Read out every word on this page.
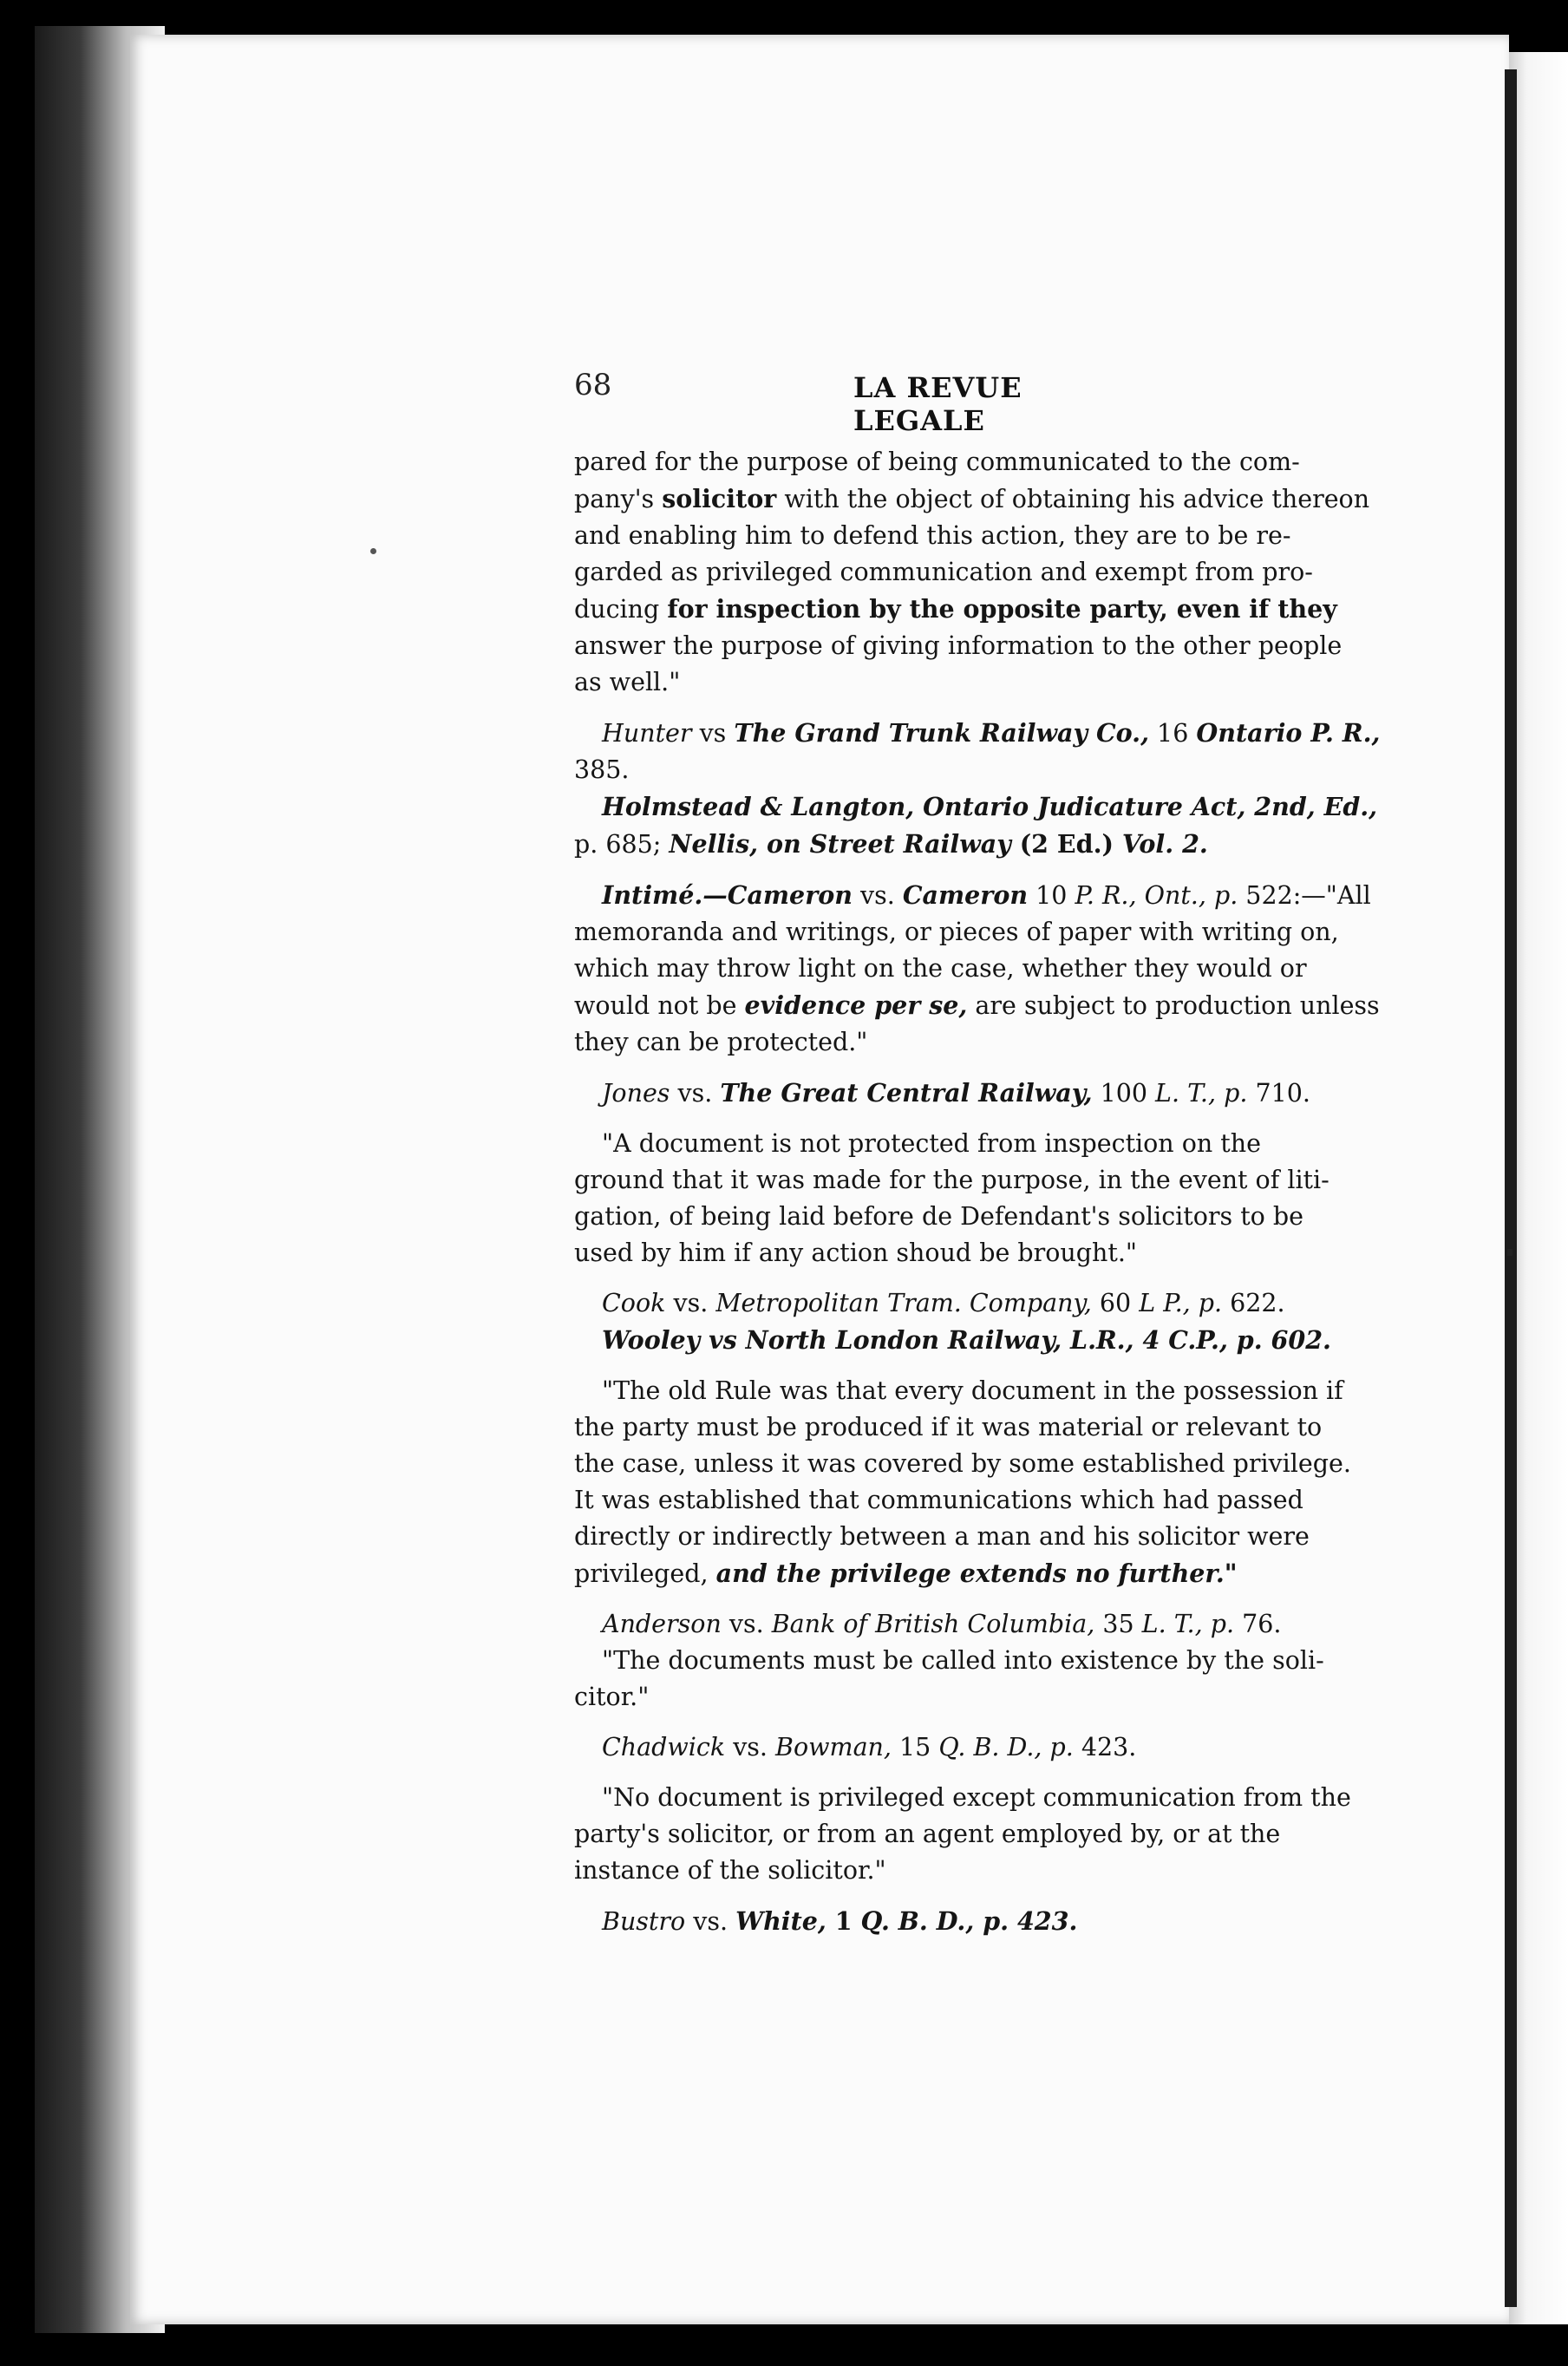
68	LA REVUE LEGALE

pared for the purpose of being communicated to the com-
pany's solicitor with the object of obtaining his advice thereon
and enabling him to defend this action, they are to be re-
garded as privileged communication and exempt from pro-
ducing for inspection by the opposite party, even if they
answer the purpose of giving information to the other people
as well."

Hunter vs The Grand Trunk Railway Co., 16 Ontario P. R.,
385.

Holmstead & Langton, Ontario Judicature Act, 2nd, Ed.,
p. 685; Nellis, on Street Railway (2 Ed.) Vol. 2.

Intimé.—Cameron vs. Cameron 10 P. R., Ont., p. 522:—"All
memoranda and writings, or pieces of paper with writing on,
which may throw light on the case, whether they would or
would not be evidence per se, are subject to production unless
they can be protected."

Jones vs. The Great Central Railway, 100 L. T., p. 710.

"A document is not protected from inspection on the
ground that it was made for the purpose, in the event of liti-
gation, of being laid before de Defendant's solicitors to be
used by him if any action shoud be brought."

Cook vs. Metropolitan Tram. Company, 60 L P., p. 622.

Wooley vs North London Railway, L.R., 4 C.P., p. 602.

"The old Rule was that every document in the possession if
the party must be produced if it was material or relevant to
the case, unless it was covered by some established privilege.
It was established that communications which had passed
directly or indirectly between a man and his solicitor were
privileged, and the privilege extends no further."

Anderson vs. Bank of British Columbia, 35 L. T., p. 76.

"The documents must be called into existence by the soli-
citor."

Chadwick vs. Bowman, 15 Q. B. D., p. 423.

"No document is privileged except communication from the
party's solicitor, or from an agent employed by, or at the
instance of the solicitor."

Bustro vs. White, 1 Q. B. D., p. 423.
